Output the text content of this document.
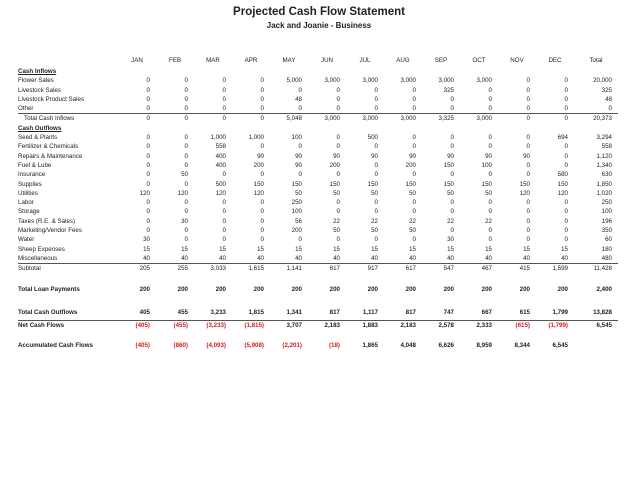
Projected Cash Flow Statement
Jack and Joanie - Business
	JAN	FEB	MAR	APR	MAY	JUN	JUL	AUG	SEP	OCT	NOV	DEC	Total
Cash Inflows													
Flower Sales	0	0	0	0	5,000	3,000	3,000	3,000	3,000	3,000	0	0	20,000
Livestock Sales	0	0	0	0	0	0	0	0	325	0	0	0	325
Livestock Product Sales	0	0	0	0	48	0	0	0	0	0	0	0	48
Other	0	0	0	0	0	0	0	0	0	0	0	0	0
Total Cash Inflows	0	0	0	0	5,048	3,000	3,000	3,000	3,325	3,000	0	0	20,373
Cash Outflows													
Seed & Plants	0	0	1,000	1,000	100	0	500	0	0	0	0	694	3,294
Fertilizer & Chemicals	0	0	558	0	0	0	0	0	0	0	0	0	558
Repairs & Maintenance	0	0	400	90	90	90	90	90	90	90	90	0	1,120
Fuel & Lube	0	0	400	200	90	200	0	200	150	100	0	0	1,340
Insurance	0	50	0	0	0	0	0	0	0	0	0	580	630
Supplies	0	0	500	150	150	150	150	150	150	150	150	150	1,850
Utilities	120	120	120	120	50	50	50	50	50	50	120	120	1,020
Labor	0	0	0	0	250	0	0	0	0	0	0	0	250
Storage	0	0	0	0	100	0	0	0	0	0	0	0	100
Taxes (R.E. & Sales)	0	30	0	0	56	22	22	22	22	22	0	0	196
Marketing/Vendor Fees	0	0	0	0	200	50	50	50	0	0	0	0	350
Water	30	0	0	0	0	0	0	0	30	0	0	0	60
Sheep Expenses	15	15	15	15	15	15	15	15	15	15	15	15	180
Miscellaneous	40	40	40	40	40	40	40	40	40	40	40	40	480
Subtotal	205	255	3,033	1,615	1,141	617	917	617	547	467	415	1,599	11,428

Total Loan Payments	200	200	200	200	200	200	200	200	200	200	200	200	2,400

Total Cash Outflows	405	455	3,233	1,815	1,341	817	1,117	817	747	667	615	1,799	13,828
Net Cash Flows	(405)	(455)	(3,233)	(1,815)	3,707	2,183	1,883	2,183	2,578	2,333	(615)	(1,799)	6,545

Accumulated Cash Flows	(405)	(860)	(4,093)	(5,908)	(2,201)	(18)	1,865	4,048	6,626	8,959	8,344	6,545	
